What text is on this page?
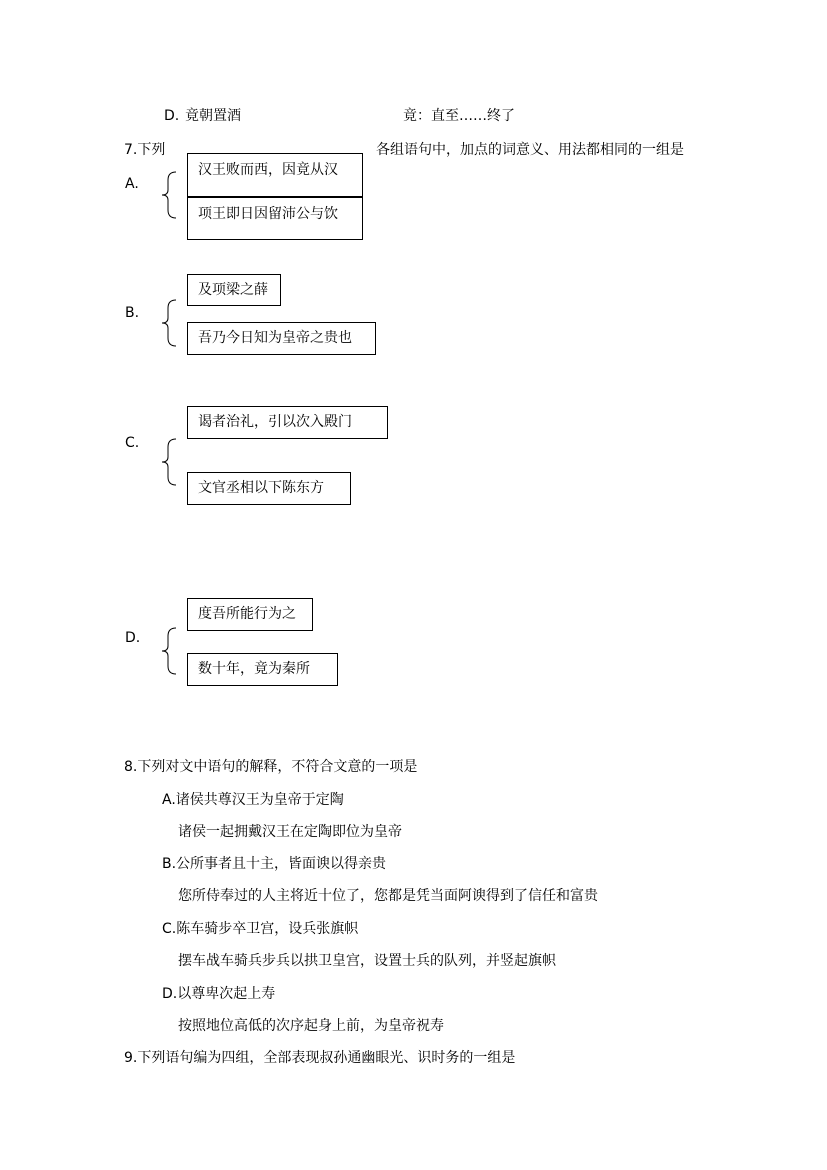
D. 竟朝置酒	竟：直至……终了
7.下列	各组语句中，加点的词意义、用法都相同的一组是
A.
汉王败而西，因竟从汉
项王即日因留沛公与饮
B.
及项梁之薛
吾乃今日知为皇帝之贵也
C.
谒者治礼，引以次入殿门
文官丞相以下陈东方
D.
度吾所能行为之
数十年，竟为秦所
8.下列对文中语句的解释，不符合文意的一项是
A.诸侯共尊汉王为皇帝于定陶
诸侯一起拥戴汉王在定陶即位为皇帝
B.公所事者且十主，皆面谀以得亲贵
您所侍奉过的人主将近十位了，您都是凭当面阿谀得到了信任和富贵
C.陈车骑步卒卫宫，设兵张旗帜
摆车战车骑兵步兵以拱卫皇宫，设置士兵的队列，并竖起旗帜
D.以尊卑次起上寿
按照地位高低的次序起身上前，为皇帝祝寿
9.下列语句编为四组，全部表现叔孙通幽眼光、识时务的一组是
